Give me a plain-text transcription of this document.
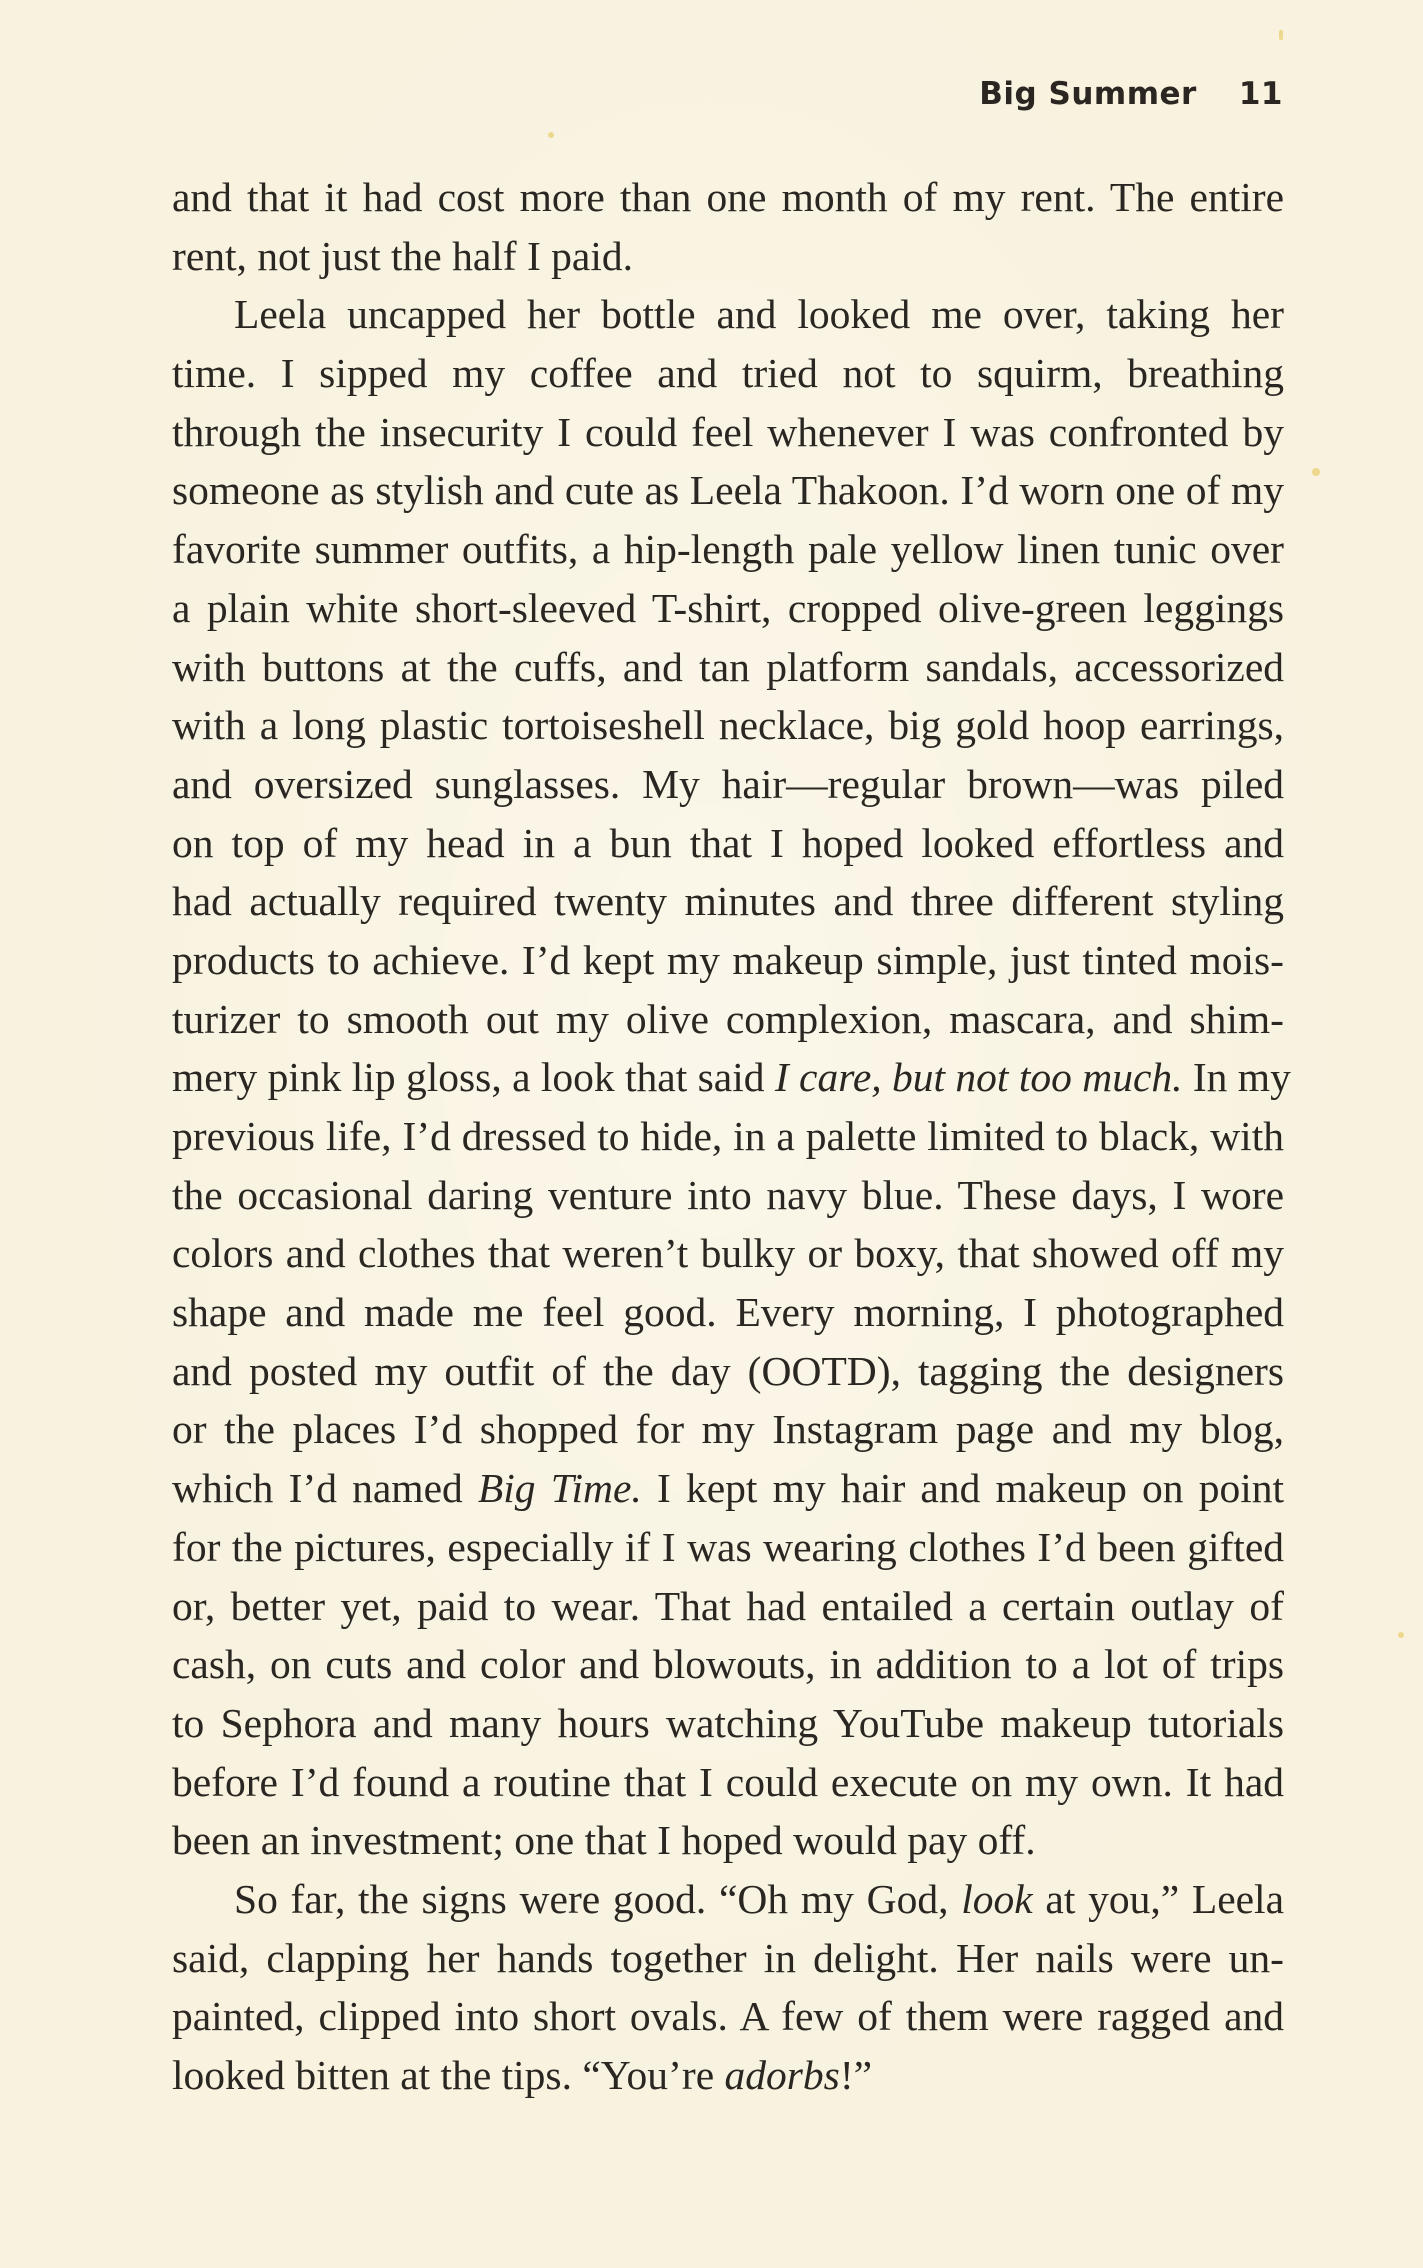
Big Summer 11
and that it had cost more than one month of my rent. The entire
rent, not just the half I paid.
Leela uncapped her bottle and looked me over, taking her
time. I sipped my coffee and tried not to squirm, breathing
through the insecurity I could feel whenever I was confronted by
someone as stylish and cute as Leela Thakoon. I’d worn one of my
favorite summer outfits, a hip-length pale yellow linen tunic over
a plain white short-sleeved T-shirt, cropped olive-green leggings
with buttons at the cuffs, and tan platform sandals, accessorized
with a long plastic tortoiseshell necklace, big gold hoop earrings,
and oversized sunglasses. My hair—regular brown—was piled
on top of my head in a bun that I hoped looked effortless and
had actually required twenty minutes and three different styling
products to achieve. I’d kept my makeup simple, just tinted mois-
turizer to smooth out my olive complexion, mascara, and shim-
mery pink lip gloss, a look that said I care, but not too much. In my
previous life, I’d dressed to hide, in a palette limited to black, with
the occasional daring venture into navy blue. These days, I wore
colors and clothes that weren’t bulky or boxy, that showed off my
shape and made me feel good. Every morning, I photographed
and posted my outfit of the day (OOTD), tagging the designers
or the places I’d shopped for my Instagram page and my blog,
which I’d named Big Time. I kept my hair and makeup on point
for the pictures, especially if I was wearing clothes I’d been gifted
or, better yet, paid to wear. That had entailed a certain outlay of
cash, on cuts and color and blowouts, in addition to a lot of trips
to Sephora and many hours watching YouTube makeup tutorials
before I’d found a routine that I could execute on my own. It had
been an investment; one that I hoped would pay off.
So far, the signs were good. “Oh my God, look at you,” Leela
said, clapping her hands together in delight. Her nails were un-
painted, clipped into short ovals. A few of them were ragged and
looked bitten at the tips. “You’re adorbs!”
